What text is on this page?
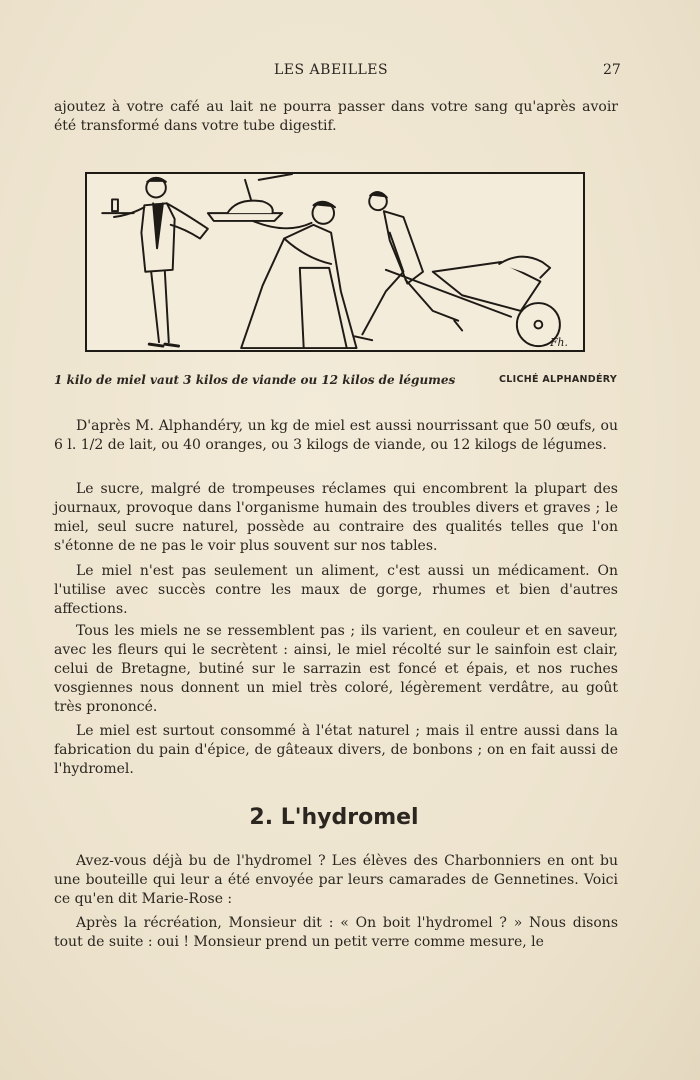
LES ABEILLES	27

ajoutez à votre café au lait ne pourra passer dans votre sang qu'après avoir été transformé dans votre tube digestif.

Fh.
1 kilo de miel vaut 3 kilos de viande ou 12 kilos de légumes	CLICHÉ ALPHANDÉRY

D'après M. Alphandéry, un kg de miel est aussi nourrissant que 50 œufs, ou 6 l. 1/2 de lait, ou 40 oranges, ou 3 kilogs de viande, ou 12 kilogs de légumes.

Le sucre, malgré de trompeuses réclames qui encombrent la plupart des journaux, provoque dans l'organisme humain des troubles divers et graves ; le miel, seul sucre naturel, possède au contraire des qualités telles que l'on s'étonne de ne pas le voir plus souvent sur nos tables.

Le miel n'est pas seulement un aliment, c'est aussi un médicament. On l'utilise avec succès contre les maux de gorge, rhumes et bien d'autres affections.

Tous les miels ne se ressemblent pas ; ils varient, en couleur et en saveur, avec les fleurs qui le secrètent : ainsi, le miel récolté sur le sainfoin est clair, celui de Bretagne, butiné sur le sarrazin est foncé et épais, et nos ruches vosgiennes nous donnent un miel très coloré, légèrement verdâtre, au goût très prononcé.

Le miel est surtout consommé à l'état naturel ; mais il entre aussi dans la fabrication du pain d'épice, de gâteaux divers, de bonbons ; on en fait aussi de l'hydromel.

2. L'hydromel

Avez-vous déjà bu de l'hydromel ? Les élèves des Charbonniers en ont bu une bouteille qui leur a été envoyée par leurs camarades de Gennetines. Voici ce qu'en dit Marie-Rose :

Après la récréation, Monsieur dit : « On boit l'hydromel ? » Nous disons tout de suite : oui ! Monsieur prend un petit verre comme mesure, le
